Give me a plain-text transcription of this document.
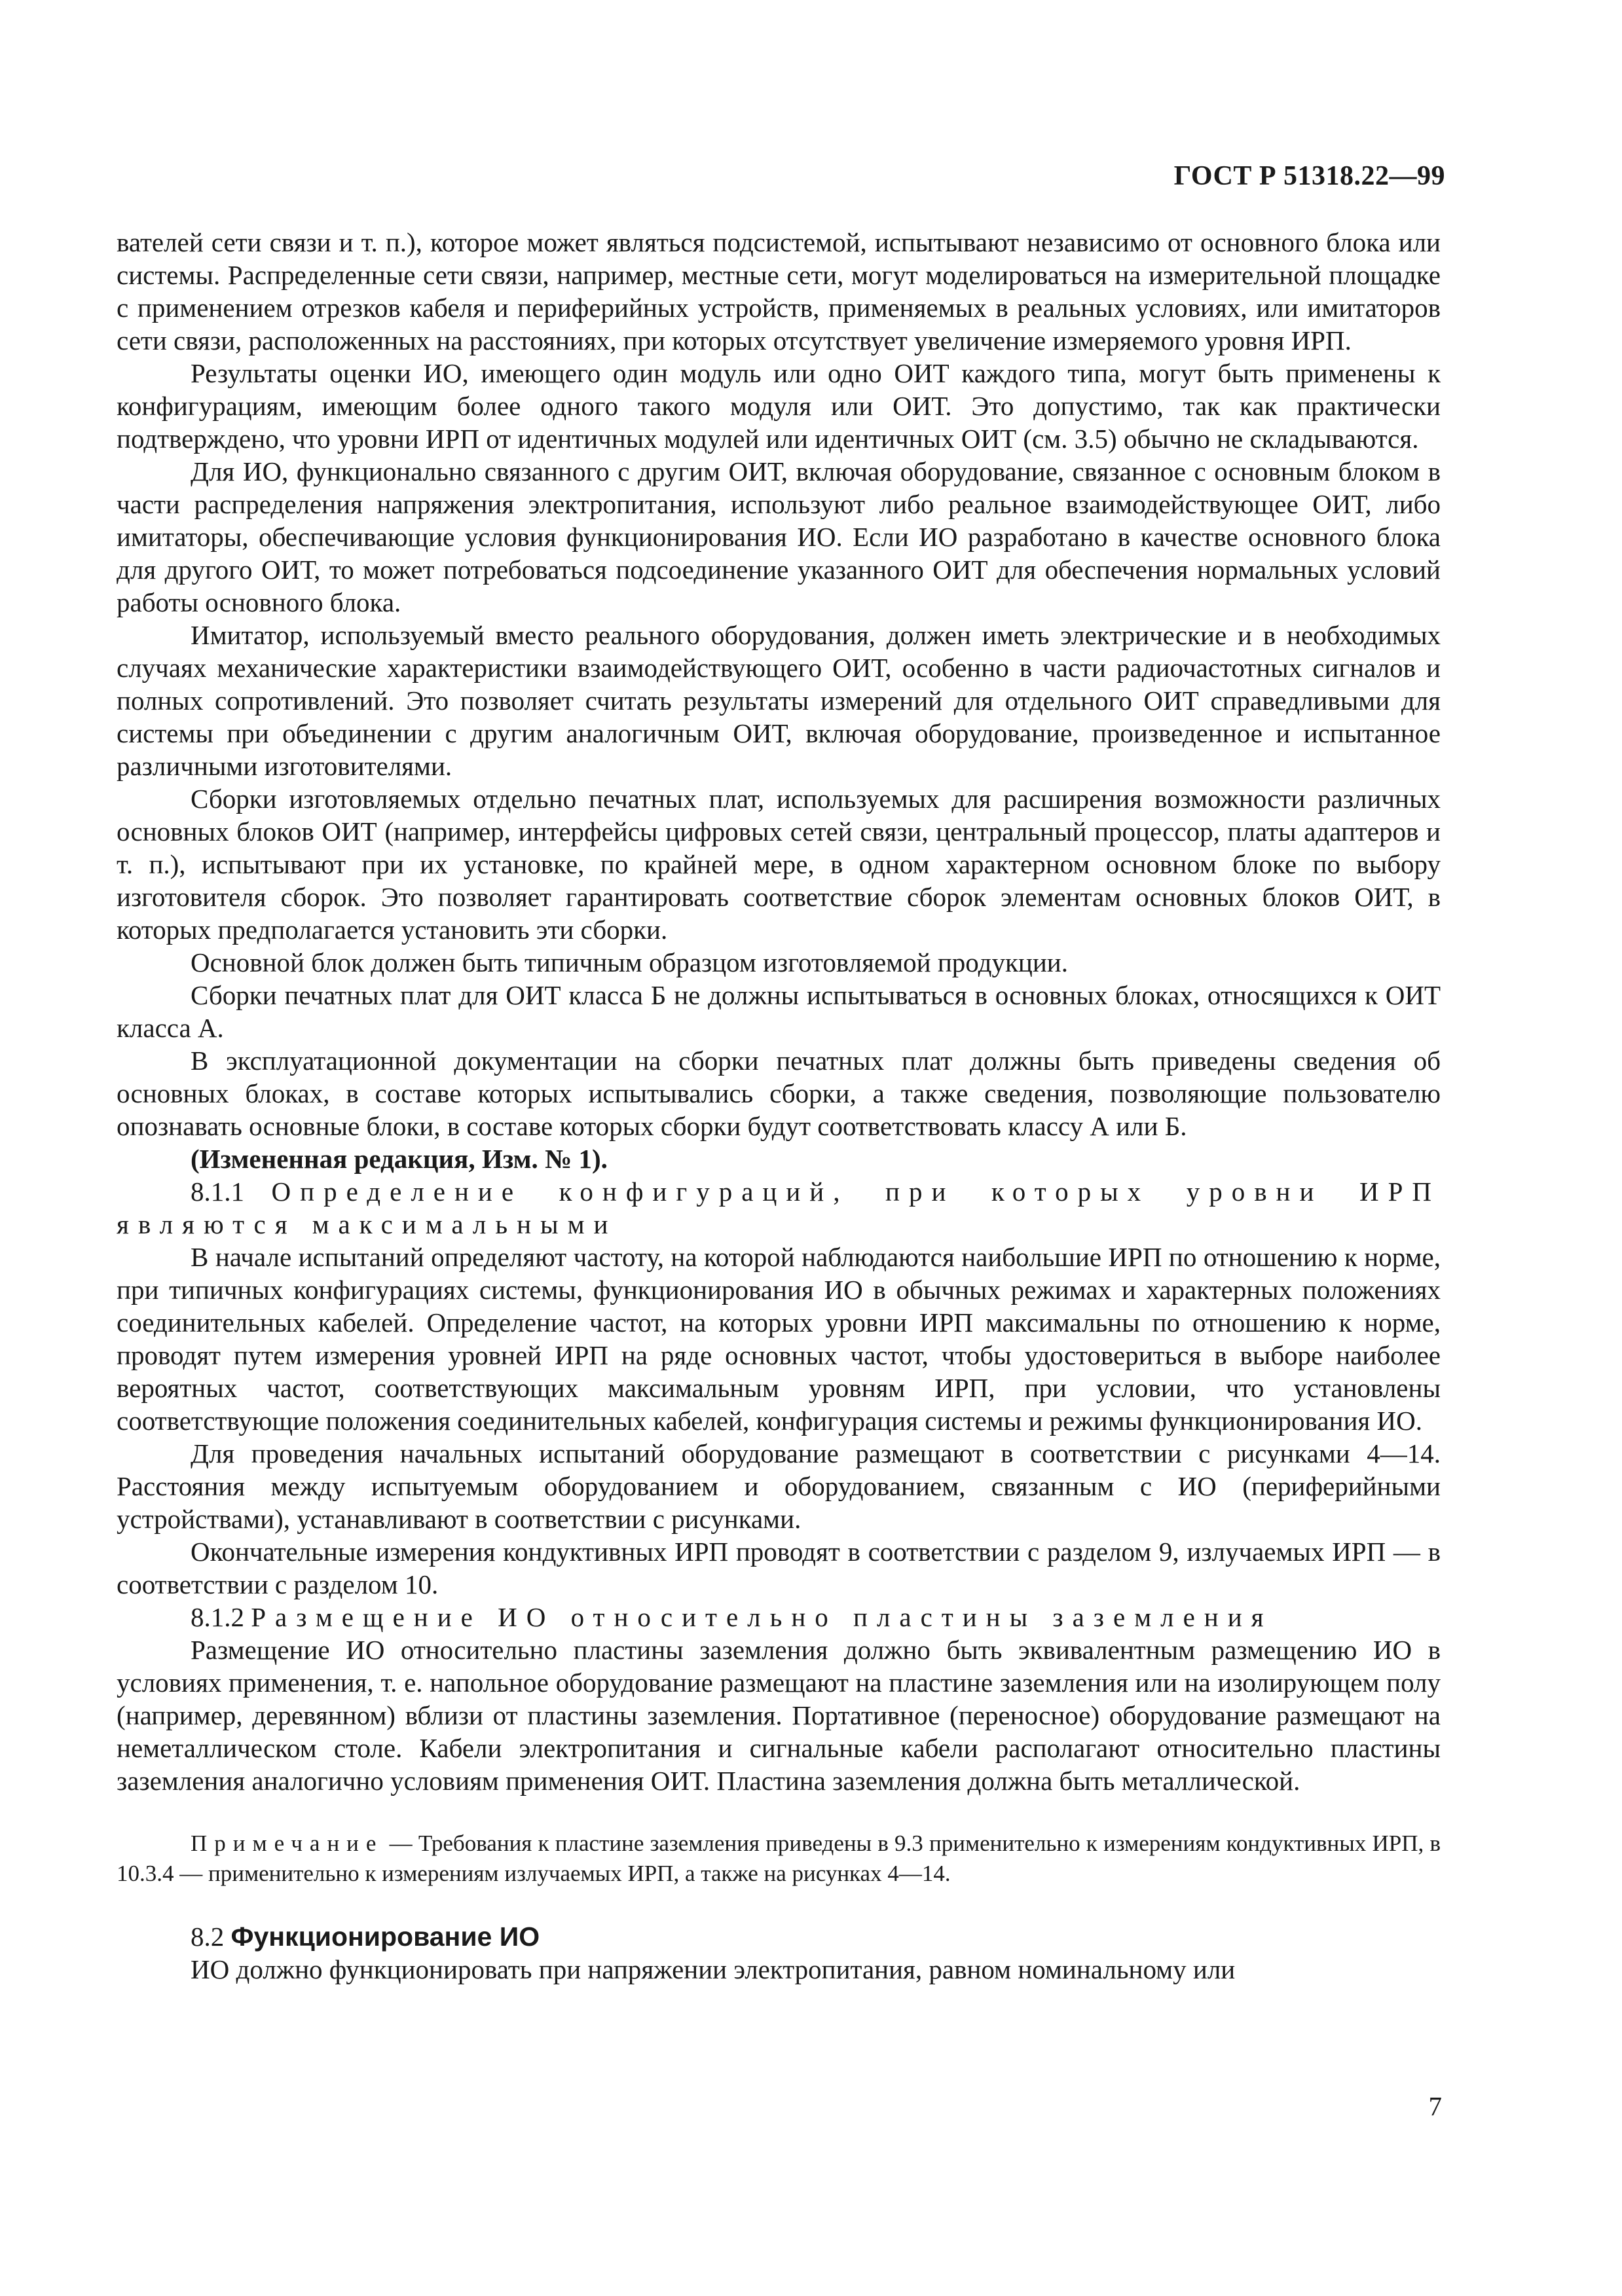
ГОСТ Р 51318.22—99

вателей сети связи и т. п.), которое может являться подсистемой, испытывают независимо от основного блока или системы. Распределенные сети связи, например, местные сети, могут моделироваться на измерительной площадке с применением отрезков кабеля и периферийных устройств, применяемых в реальных условиях, или имитаторов сети связи, расположенных на расстояниях, при которых отсутствует увеличение измеряемого уровня ИРП.

Результаты оценки ИО, имеющего один модуль или одно ОИТ каждого типа, могут быть применены к конфигурациям, имеющим более одного такого модуля или ОИТ. Это допустимо, так как практически подтверждено, что уровни ИРП от идентичных модулей или идентичных ОИТ (см. 3.5) обычно не складываются.

Для ИО, функционально связанного с другим ОИТ, включая оборудование, связанное с основным блоком в части распределения напряжения электропитания, используют либо реальное взаимодействующее ОИТ, либо имитаторы, обеспечивающие условия функционирования ИО. Если ИО разработано в качестве основного блока для другого ОИТ, то может потребоваться подсоединение указанного ОИТ для обеспечения нормальных условий работы основного блока.

Имитатор, используемый вместо реального оборудования, должен иметь электрические и в необходимых случаях механические характеристики взаимодействующего ОИТ, особенно в части радиочастотных сигналов и полных сопротивлений. Это позволяет считать результаты измерений для отдельного ОИТ справедливыми для системы при объединении с другим аналогичным ОИТ, включая оборудование, произведенное и испытанное различными изготовителями.

Сборки изготовляемых отдельно печатных плат, используемых для расширения возможности различных основных блоков ОИТ (например, интерфейсы цифровых сетей связи, центральный процессор, платы адаптеров и т. п.), испытывают при их установке, по крайней мере, в одном характерном основном блоке по выбору изготовителя сборок. Это позволяет гарантировать соответствие сборок элементам основных блоков ОИТ, в которых предполагается установить эти сборки.

Основной блок должен быть типичным образцом изготовляемой продукции.

Сборки печатных плат для ОИТ класса Б не должны испытываться в основных блоках, относящихся к ОИТ класса А.

В эксплуатационной документации на сборки печатных плат должны быть приведены сведения об основных блоках, в составе которых испытывались сборки, а также сведения, позволяющие пользователю опознавать основные блоки, в составе которых сборки будут соответствовать классу А или Б.

(Измененная редакция, Изм. № 1).

8.1.1 Определение конфигураций, при которых уровни ИРП являются максимальными

В начале испытаний определяют частоту, на которой наблюдаются наибольшие ИРП по отношению к норме, при типичных конфигурациях системы, функционирования ИО в обычных режимах и характерных положениях соединительных кабелей. Определение частот, на которых уровни ИРП максимальны по отношению к норме, проводят путем измерения уровней ИРП на ряде основных частот, чтобы удостовериться в выборе наиболее вероятных частот, соответствующих максимальным уровням ИРП, при условии, что установлены соответствующие положения соединительных кабелей, конфигурация системы и режимы функционирования ИО.

Для проведения начальных испытаний оборудование размещают в соответствии с рисунками 4—14. Расстояния между испытуемым оборудованием и оборудованием, связанным с ИО (периферийными устройствами), устанавливают в соответствии с рисунками.

Окончательные измерения кондуктивных ИРП проводят в соответствии с разделом 9, излучаемых ИРП — в соответствии с разделом 10.

8.1.2 Размещение ИО относительно пластины заземления

Размещение ИО относительно пластины заземления должно быть эквивалентным размещению ИО в условиях применения, т. е. напольное оборудование размещают на пластине заземления или на изолирующем полу (например, деревянном) вблизи от пластины заземления. Портативное (переносное) оборудование размещают на неметаллическом столе. Кабели электропитания и сигнальные кабели располагают относительно пластины заземления аналогично условиям применения ОИТ. Пластина заземления должна быть металлической.

Примечание — Требования к пластине заземления приведены в 9.3 применительно к измерениям кондуктивных ИРП, в 10.3.4 — применительно к измерениям излучаемых ИРП, а также на рисунках 4—14.

8.2 Функционирование ИО

ИО должно функционировать при напряжении электропитания, равном номинальному или

7
